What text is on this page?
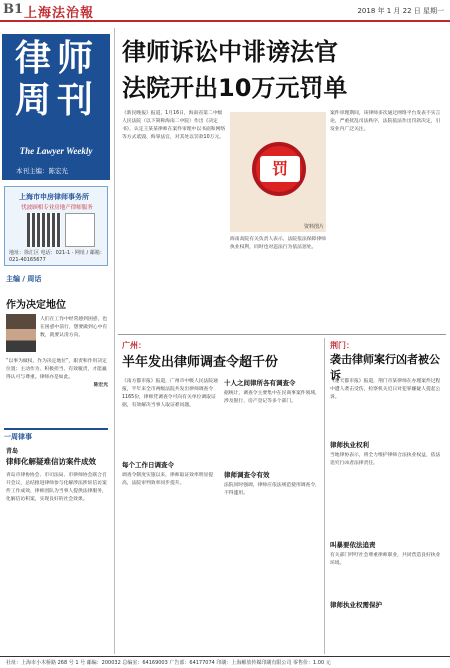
B1 上海法治報	2018 年 1 月 22 日 星期一
律师周刊
The Lawyer Weekly
本刊主编：陈宏光
上海市申房律师事务所
忧波顾相专业房地产律师服务
地址：徐汇区 电话：021-1 · 网址 / 邮箱：021-40165677
主编 / 周话
作为决定地位
人们在工作中经常感到困惑，也在困惑中前行，想要做到心中有数，就要认清方向。
“以事为做权，作为决定地位”，职责和作用决定位置；主动作为、积极担当、有效履责，才能赢得认可与尊重。律师亦是如此。
陈宏光
一周律事
青岛
律师化解疑难信访案件成效
青岛市律协协会、市司法局、市律师协会联合召开会议，总结推进律师参与化解涉法涉诉信访案件工作成效，律师团队为当事人提供法律服务，化解信访积案，实现良好的社会效果。
律师诉讼中诽谤法官
法院开出10万元罚单
《新民晚报》报道，1月16日，海南省第二中级人民法院（以下简称海南二中院）作出《决定书》，认定王某某律师在案件审理中以书面和网络等方式诋毁、侮辱法官，对其处以罚款10万元。
罚
资料图片
案件审理期间，该律师多次通过网络平台发表不实言论，严重扰乱司法秩序，法院依法作出罚款决定，引发业内广泛关注。
海南高院有关负责人表示，法院依法保障律师执业权利，同时也对违法行为依法惩处。
广州：
半年发出律师调查令超千份
《南方都市报》报道，广州市中级人民法院通报，半年来全市两级法院共发出律师调查令1165份，律师凭调查令可向有关单位调取证据，有效解决当事人取证难问题。
每个工作日调查令
调查令制度实施以来，律师取证效率明显提高，法院审判效率同步提升。
十人之间律所各有调查令
据统计，调查令主要集中在民商事案件领域，涉及银行、房产登记等多个部门。
律师调查令有效
法院同时强调，律师应依法规范使用调查令，不得滥用。
荆门：
袭击律师案行凶者被公诉
《楚天都市报》报道，荆门市某律师在办理案件过程中遭人袭击受伤，检察机关近日对犯罪嫌疑人提起公诉。
律师执业权利
当地律协表示，将全力维护律师合法执业权益，依法追究行凶者法律责任。
叫暴要依法追责
有关部门呼吁社会尊重律师职业，共同营造良好执业环境。
律师执业权需保护
社址：上海市小木桥路 268 号 1 号 邮编：200032 总编室：64169003 广告部：64177074 印刷：上海解放传媒印刷有限公司 零售价：1.00 元
